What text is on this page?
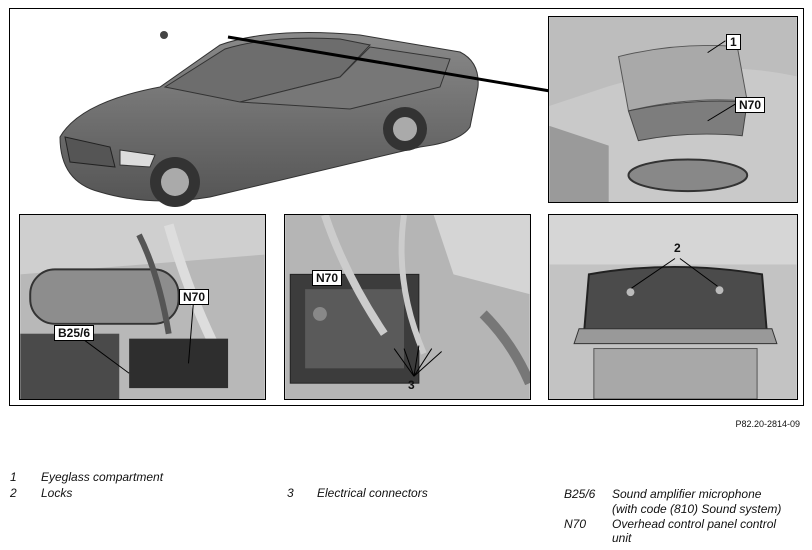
1
N70
N70
B25/6
N70
3
2
P82.20-2814-09
1 Eyeglass compartment
2 Locks	3 Electrical connectors	B25/6 Sound amplifier microphone
(with code (810) Sound system)
N70 Overhead control panel control
unit
